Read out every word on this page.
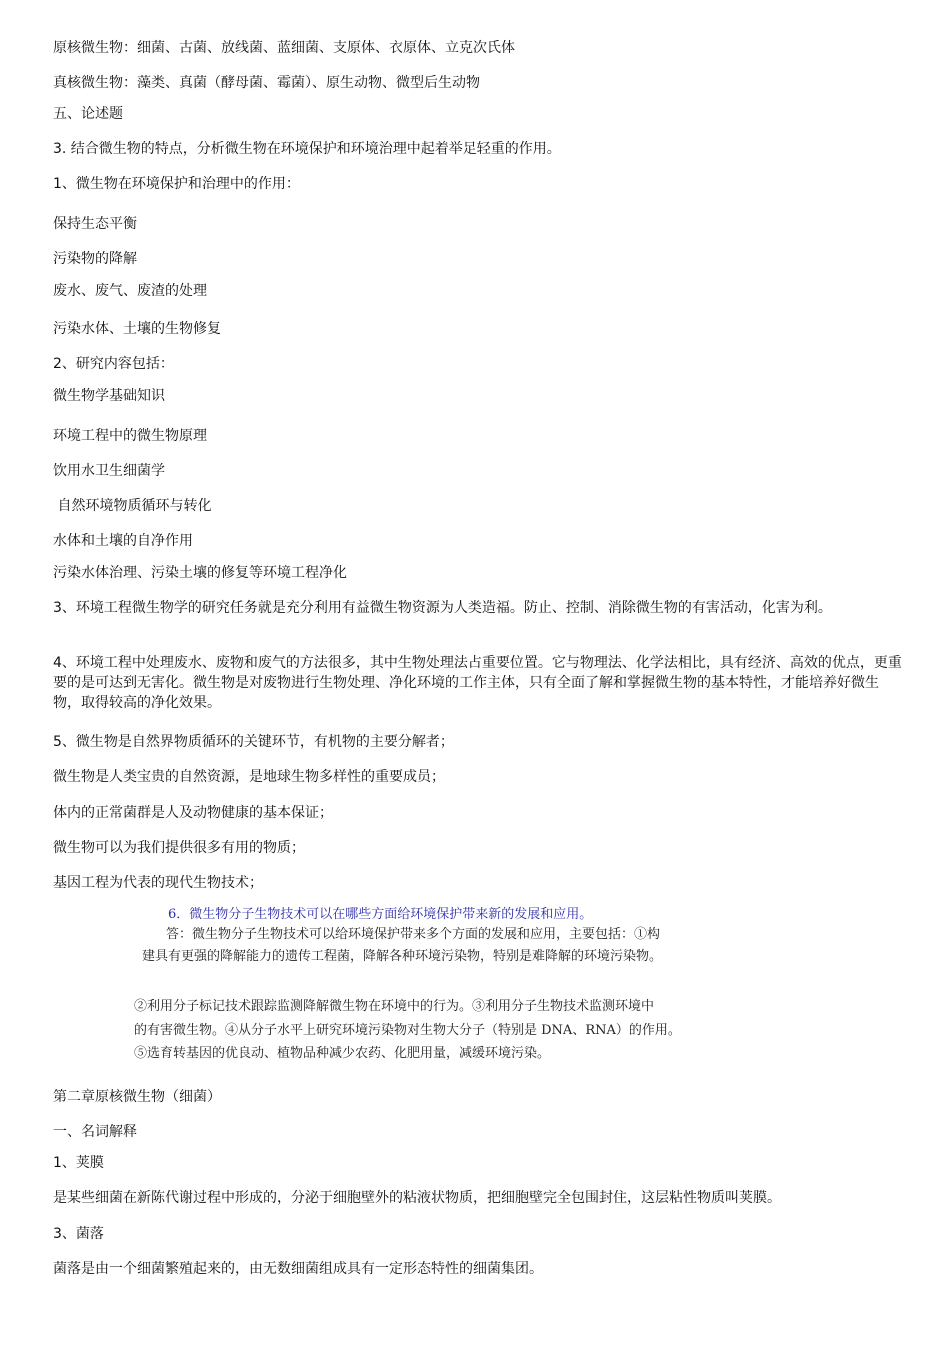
原核微生物：细菌、古菌、放线菌、蓝细菌、支原体、衣原体、立克次氏体

真核微生物：藻类、真菌（酵母菌、霉菌）、原生动物、微型后生动物

五、论述题

3. 结合微生物的特点，分析微生物在环境保护和环境治理中起着举足轻重的作用。

1、微生物在环境保护和治理中的作用：

保持生态平衡

污染物的降解

废水、废气、废渣的处理

污染水体、土壤的生物修复

2、研究内容包括：

微生物学基础知识

环境工程中的微生物原理

饮用水卫生细菌学

自然环境物质循环与转化

水体和土壤的自净作用

污染水体治理、污染土壤的修复等环境工程净化

3、环境工程微生物学的研究任务就是充分利用有益微生物资源为人类造福。防止、控制、消除微生物的有害活动，化害为利。

4、环境工程中处理废水、废物和废气的方法很多，其中生物处理法占重要位置。它与物理法、化学法相比，具有经济、高效的优点，更重要的是可达到无害化。微生物是对废物进行生物处理、净化环境的工作主体，只有全面了解和掌握微生物的基本特性，才能培养好微生物，取得较高的净化效果。

5、微生物是自然界物质循环的关键环节，有机物的主要分解者；

微生物是人类宝贵的自然资源，是地球生物多样性的重要成员；

体内的正常菌群是人及动物健康的基本保证；

微生物可以为我们提供很多有用的物质；

基因工程为代表的现代生物技术；

6．微生物分子生物技术可以在哪些方面给环境保护带来新的发展和应用。
答：微生物分子生物技术可以给环境保护带来多个方面的发展和应用，主要包括：①构
建具有更强的降解能力的遗传工程菌，降解各种环境污染物，特别是难降解的环境污染物。
②利用分子标记技术跟踪监测降解微生物在环境中的行为。③利用分子生物技术监测环境中
的有害微生物。④从分子水平上研究环境污染物对生物大分子（特别是 DNA、RNA）的作用。
⑤选育转基因的优良动、植物品种减少农药、化肥用量，减缓环境污染。

第二章原核微生物（细菌）

一、名词解释

1、荚膜

是某些细菌在新陈代谢过程中形成的，分泌于细胞壁外的粘液状物质，把细胞壁完全包围封住，这层粘性物质叫荚膜。

3、菌落

菌落是由一个细菌繁殖起来的，由无数细菌组成具有一定形态特性的细菌集团。
